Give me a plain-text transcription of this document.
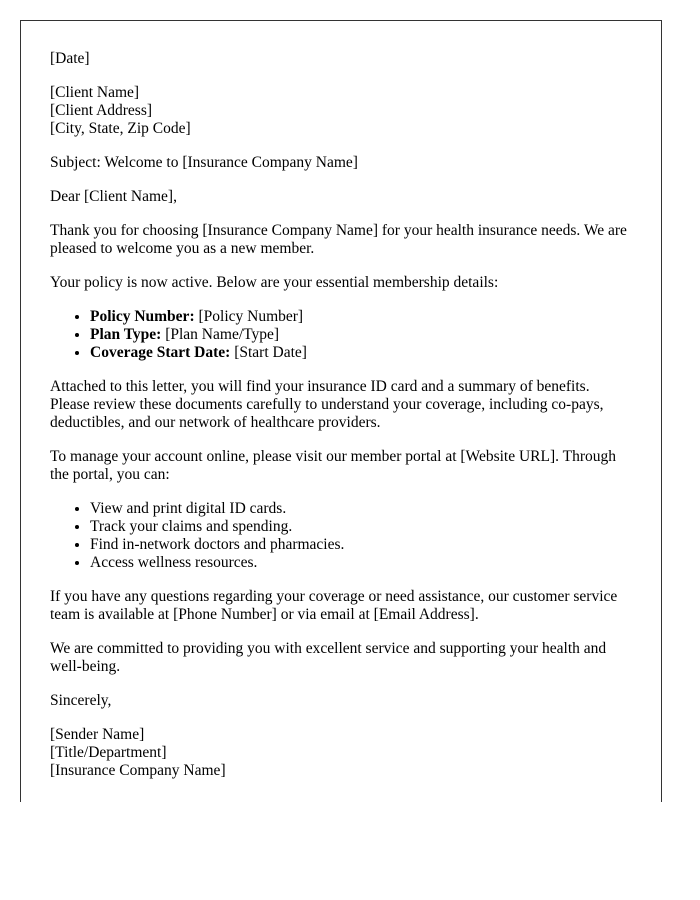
[Date]

[Client Name]
[Client Address]
[City, State, Zip Code]

Subject: Welcome to [Insurance Company Name]

Dear [Client Name],

Thank you for choosing [Insurance Company Name] for your health insurance needs. We are pleased to welcome you as a new member.

Your policy is now active. Below are your essential membership details:

• Policy Number: [Policy Number]
• Plan Type: [Plan Name/Type]
• Coverage Start Date: [Start Date]

Attached to this letter, you will find your insurance ID card and a summary of benefits. Please review these documents carefully to understand your coverage, including co-pays, deductibles, and our network of healthcare providers.

To manage your account online, please visit our member portal at [Website URL]. Through the portal, you can:

• View and print digital ID cards.
• Track your claims and spending.
• Find in-network doctors and pharmacies.
• Access wellness resources.

If you have any questions regarding your coverage or need assistance, our customer service team is available at [Phone Number] or via email at [Email Address].

We are committed to providing you with excellent service and supporting your health and well-being.

Sincerely,

[Sender Name]
[Title/Department]
[Insurance Company Name]
